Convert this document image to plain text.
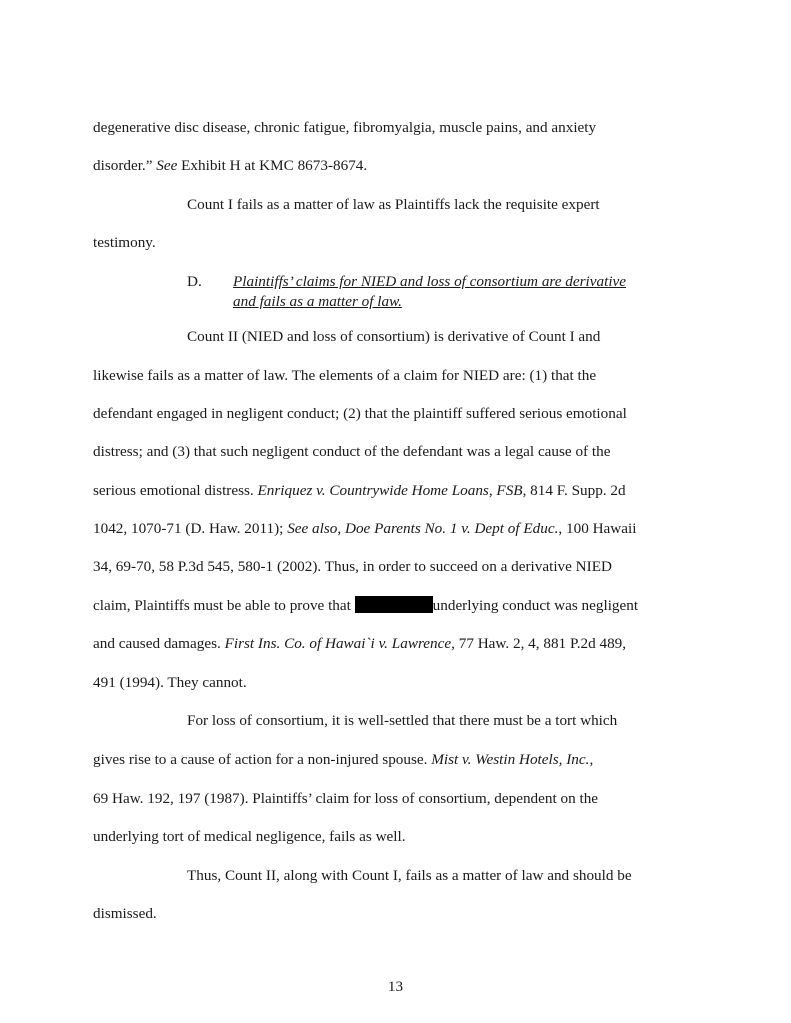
degenerative disc disease, chronic fatigue, fibromyalgia, muscle pains, and anxiety
disorder.” See Exhibit H at KMC 8673-8674.
Count I fails as a matter of law as Plaintiffs lack the requisite expert
testimony.
D. Plaintiffs’ claims for NIED and loss of consortium are derivative
and fails as a matter of law.
Count II (NIED and loss of consortium) is derivative of Count I and
likewise fails as a matter of law. The elements of a claim for NIED are: (1) that the
defendant engaged in negligent conduct; (2) that the plaintiff suffered serious emotional
distress; and (3) that such negligent conduct of the defendant was a legal cause of the
serious emotional distress. Enriquez v. Countrywide Home Loans, FSB, 814 F. Supp. 2d
1042, 1070-71 (D. Haw. 2011); See also, Doe Parents No. 1 v. Dept of Educ., 100 Hawaii
34, 69-70, 58 P.3d 545, 580-1 (2002). Thus, in order to succeed on a derivative NIED
claim, Plaintiffs must be able to prove that	underlying conduct was negligent
and caused damages. First Ins. Co. of Hawai`i v. Lawrence, 77 Haw. 2, 4, 881 P.2d 489,
491 (1994). They cannot.
For loss of consortium, it is well-settled that there must be a tort which
gives rise to a cause of action for a non-injured spouse. Mist v. Westin Hotels, Inc.,
69 Haw. 192, 197 (1987). Plaintiffs’ claim for loss of consortium, dependent on the
underlying tort of medical negligence, fails as well.
Thus, Count II, along with Count I, fails as a matter of law and should be
dismissed.
13
